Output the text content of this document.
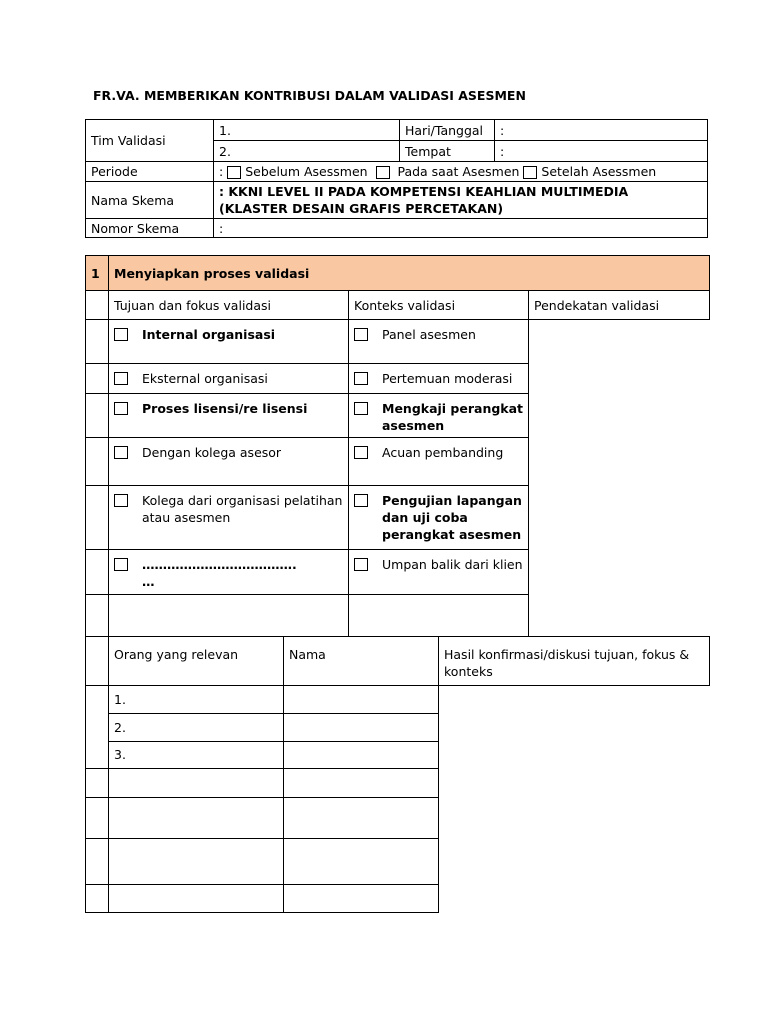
FR.VA. MEMBERIKAN KONTRIBUSI DALAM VALIDASI ASESMEN
Tim Validasi	1.	Hari/Tanggal	:
	2.	Tempat	:
Periode	: Sebelum Asessmen Pada saat Asesmen Setelah Asessmen		
Nama Skema	: KKNI LEVEL II PADA KOMPETENSI KEAHLIAN MULTIMEDIA
(KLASTER DESAIN GRAFIS PERCETAKAN)		

Nomor Skema	:		
1	Menyiapkan proses validasi		
	Tujuan dan fokus validasi	Konteks validasi	Pendekatan validasi

Internal organisasi	Panel asesmen	

Eksternal organisasi	Pertemuan moderasi	

Proses lisensi/re lisensi	Mengkaji perangkat asesmen	

Dengan kolega asesor	Acuan pembanding	

Kolega dari organisasi pelatihan atau asesmen	Pengujian lapangan dan uji coba perangkat asesmen	

……………………………….
…	Umpan balik dari klien	

	Orang yang relevan	Nama	Hasil konfirmasi/diskusi tujuan, fokus & konteks

	1.		
	2.		
	3.		
